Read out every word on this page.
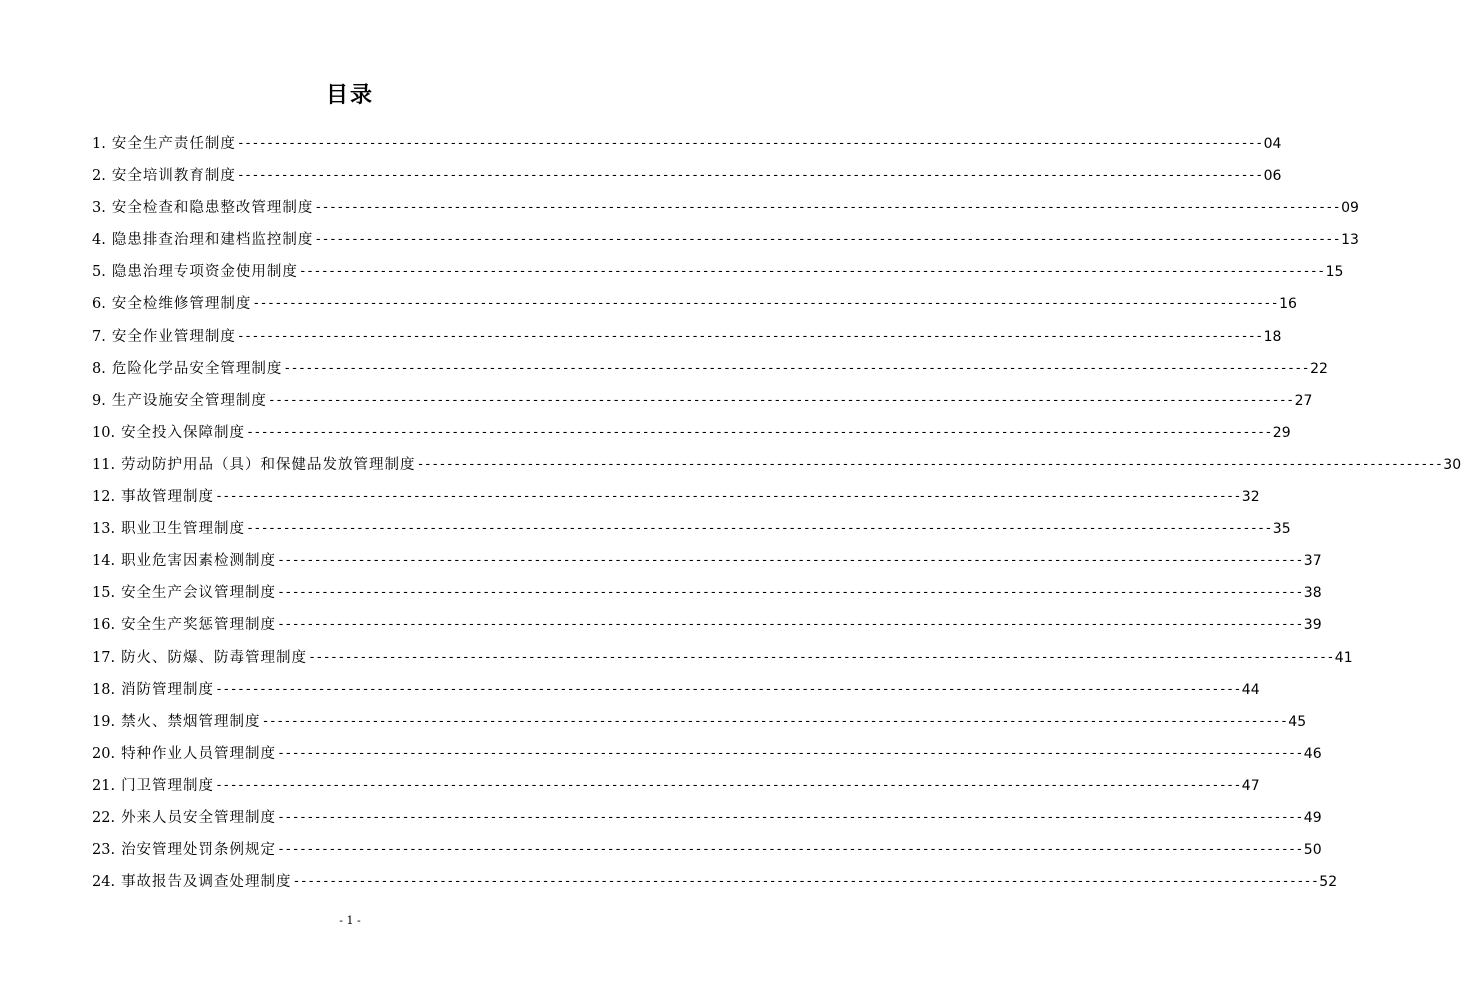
目录
1. 安全生产责任制度 -------------------------------------------------------------------------------------------------------------------------------------------- 04
2. 安全培训教育制度 -------------------------------------------------------------------------------------------------------------------------------------------- 06
3. 安全检查和隐患整改管理制度 -------------------------------------------------------------------------------------------------------------------------------------------- 09
4. 隐患排查治理和建档监控制度 -------------------------------------------------------------------------------------------------------------------------------------------- 13
5. 隐患治理专项资金使用制度 -------------------------------------------------------------------------------------------------------------------------------------------- 15
6. 安全检维修管理制度 -------------------------------------------------------------------------------------------------------------------------------------------- 16
7. 安全作业管理制度 -------------------------------------------------------------------------------------------------------------------------------------------- 18
8. 危险化学品安全管理制度 -------------------------------------------------------------------------------------------------------------------------------------------- 22
9. 生产设施安全管理制度 -------------------------------------------------------------------------------------------------------------------------------------------- 27
10. 安全投入保障制度 -------------------------------------------------------------------------------------------------------------------------------------------- 29
11. 劳动防护用品（具）和保健品发放管理制度 -------------------------------------------------------------------------------------------------------------------------------------------- 30
12. 事故管理制度 -------------------------------------------------------------------------------------------------------------------------------------------- 32
13. 职业卫生管理制度 -------------------------------------------------------------------------------------------------------------------------------------------- 35
14. 职业危害因素检测制度 -------------------------------------------------------------------------------------------------------------------------------------------- 37
15. 安全生产会议管理制度 -------------------------------------------------------------------------------------------------------------------------------------------- 38
16. 安全生产奖惩管理制度 -------------------------------------------------------------------------------------------------------------------------------------------- 39
17. 防火、防爆、防毒管理制度 -------------------------------------------------------------------------------------------------------------------------------------------- 41
18. 消防管理制度 -------------------------------------------------------------------------------------------------------------------------------------------- 44
19. 禁火、禁烟管理制度 -------------------------------------------------------------------------------------------------------------------------------------------- 45
20. 特种作业人员管理制度 -------------------------------------------------------------------------------------------------------------------------------------------- 46
21. 门卫管理制度 -------------------------------------------------------------------------------------------------------------------------------------------- 47
22. 外来人员安全管理制度 -------------------------------------------------------------------------------------------------------------------------------------------- 49
23. 治安管理处罚条例规定 -------------------------------------------------------------------------------------------------------------------------------------------- 50
24. 事故报告及调查处理制度 -------------------------------------------------------------------------------------------------------------------------------------------- 52
- 1 -
